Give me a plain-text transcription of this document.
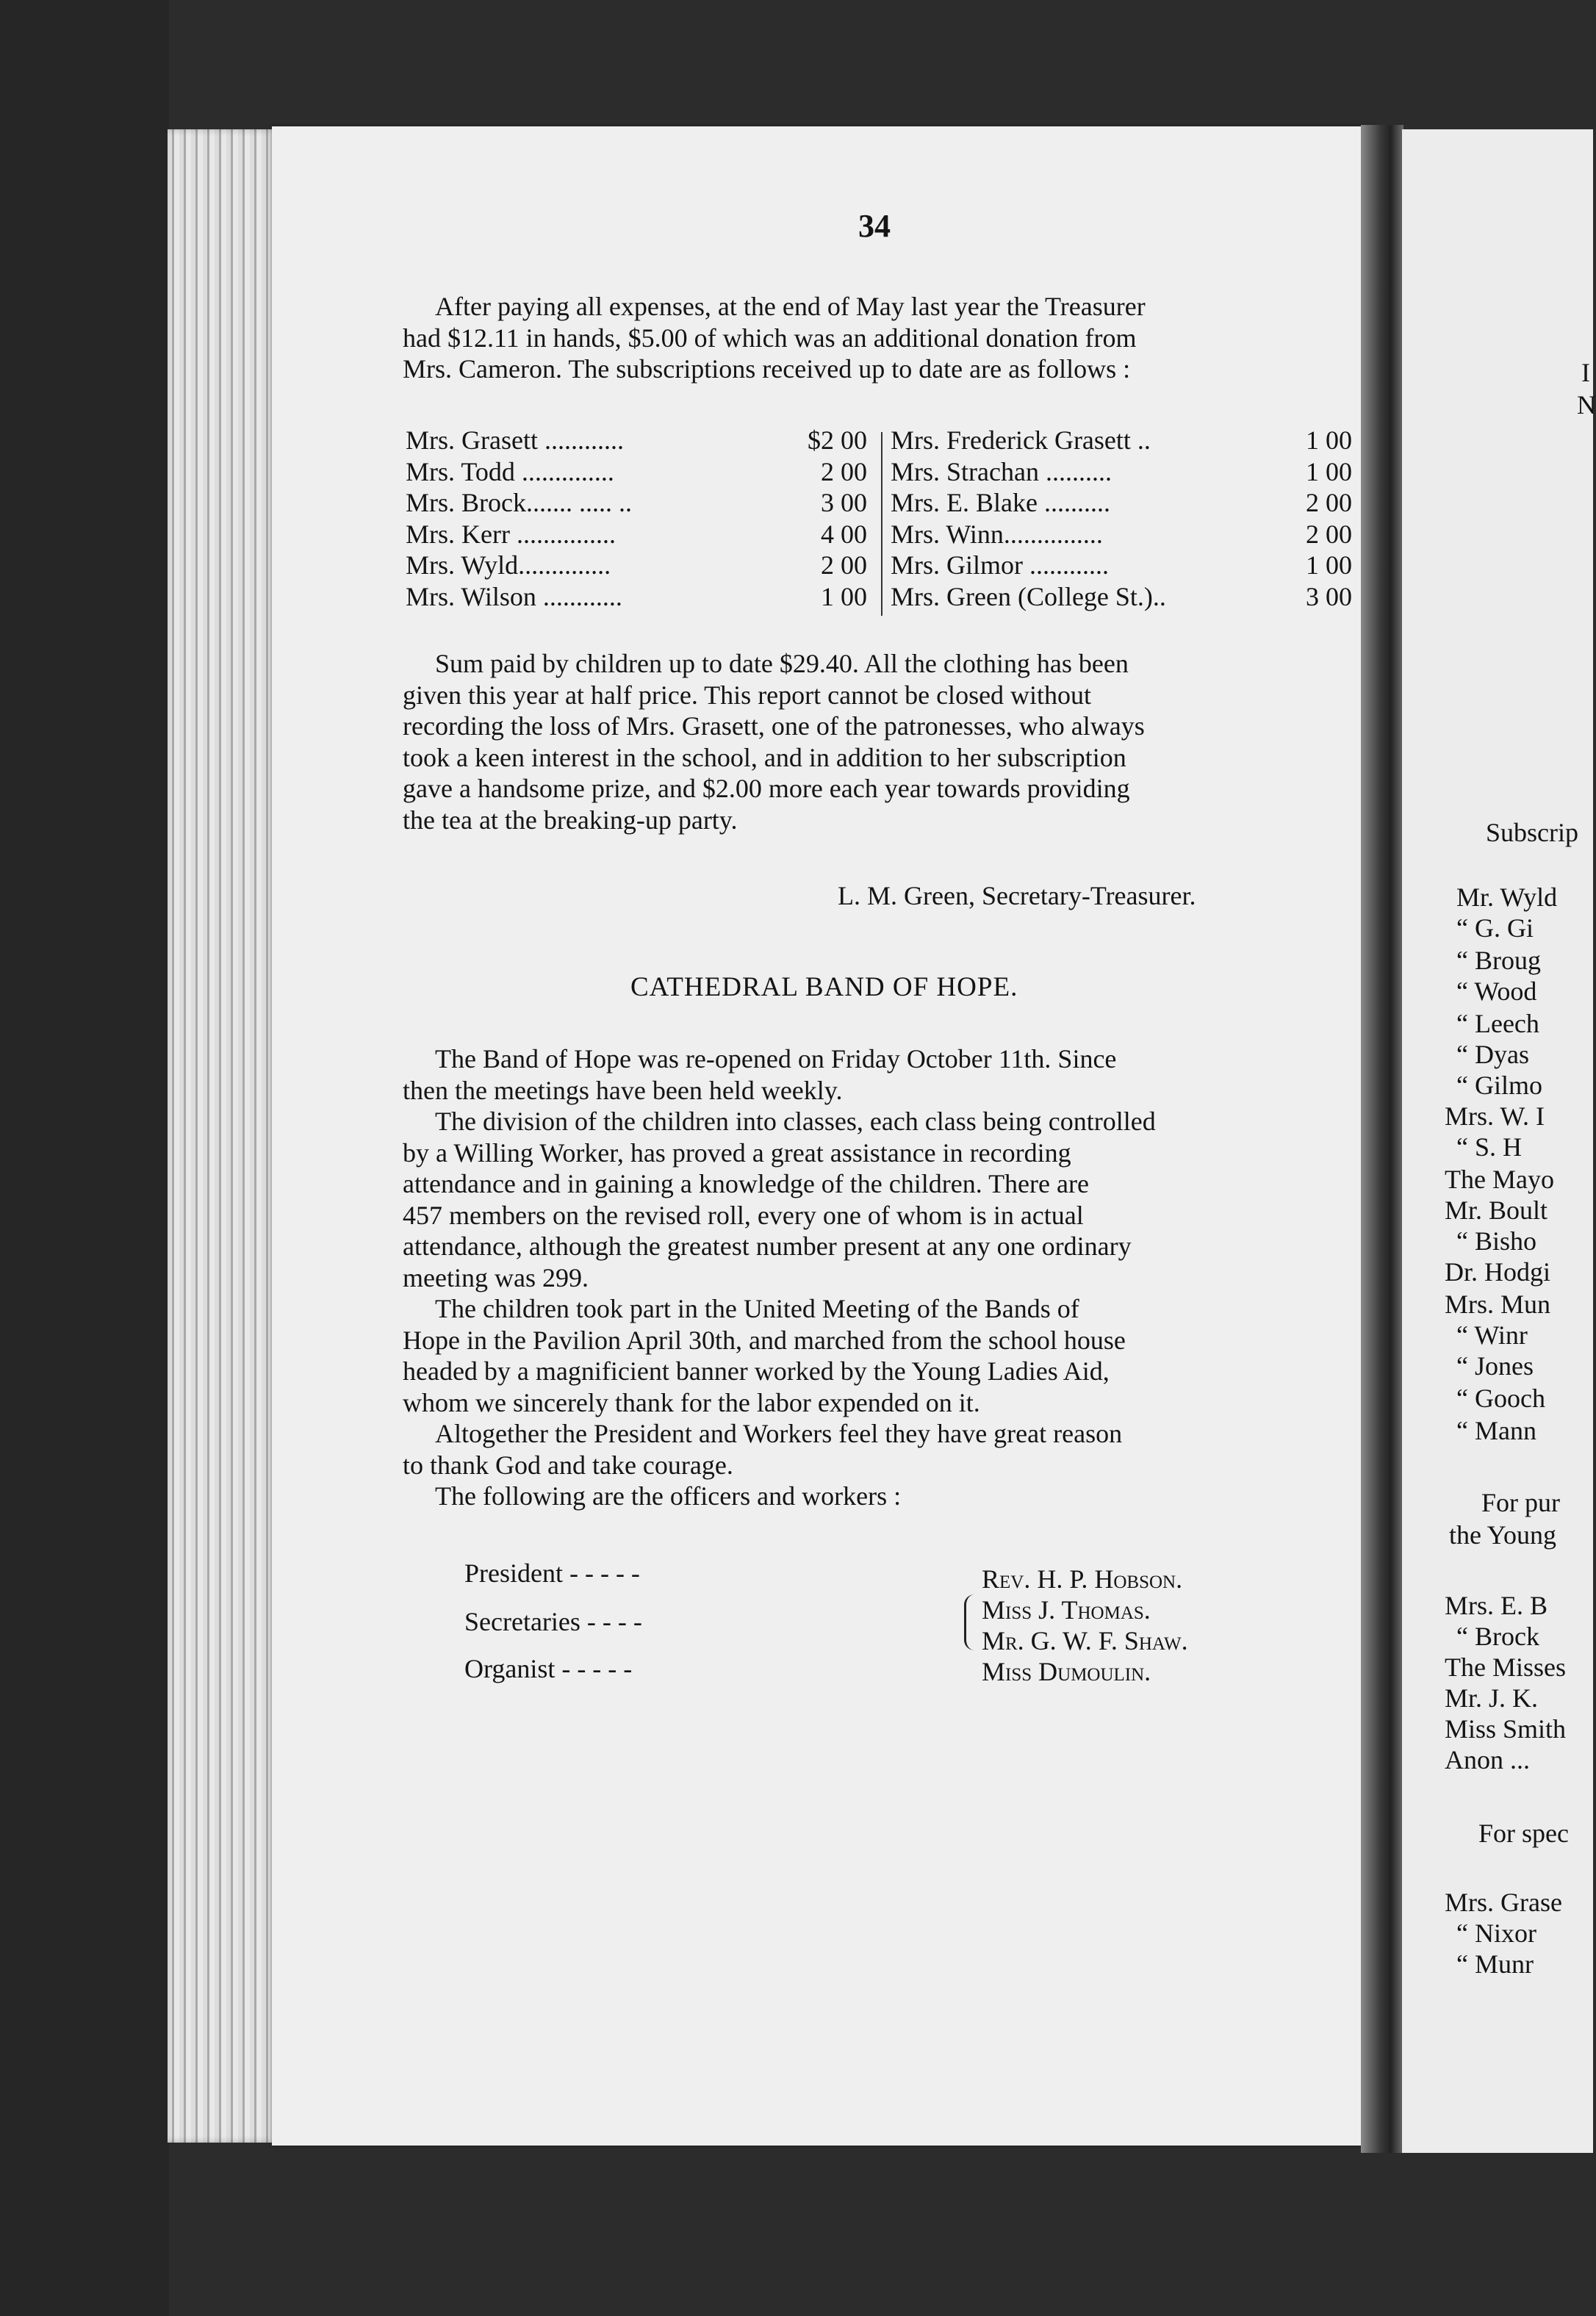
34
After paying all expenses, at the end of May last year the Treasurer
had $12.11 in hands, $5.00 of which was an additional donation from
Mrs. Cameron. The subscriptions received up to date are as follows :
Mrs. Grasett ............	$2 00
Mrs. Todd ..............	2 00
Mrs. Brock....... ..... ..	3 00
Mrs. Kerr ...............	4 00
Mrs. Wyld..............	2 00
Mrs. Wilson ............	1 00
Mrs. Frederick Grasett ..	1 00
Mrs. Strachan ..........	1 00
Mrs. E. Blake ..........	2 00
Mrs. Winn...............	2 00
Mrs. Gilmor ............	1 00
Mrs. Green (College St.)..	3 00
Sum paid by children up to date $29.40. All the clothing has been
given this year at half price. This report cannot be closed without
recording the loss of Mrs. Grasett, one of the patronesses, who always
took a keen interest in the school, and in addition to her subscription
gave a handsome prize, and $2.00 more each year towards providing
the tea at the breaking-up party.
L. M. Green, Secretary-Treasurer.
CATHEDRAL BAND OF HOPE.
The Band of Hope was re-opened on Friday October 11th. Since
then the meetings have been held weekly.
The division of the children into classes, each class being controlled
by a Willing Worker, has proved a great assistance in recording
attendance and in gaining a knowledge of the children. There are
457 members on the revised roll, every one of whom is in actual
attendance, although the greatest number present at any one ordinary
meeting was 299.
The children took part in the United Meeting of the Bands of
Hope in the Pavilion April 30th, and marched from the school house
headed by a magnificient banner worked by the Young Ladies Aid,
whom we sincerely thank for the labor expended on it.
Altogether the President and Workers feel they have great reason
to thank God and take courage.
The following are the officers and workers :
President - - - - -	Rev. H. P. Hobson.
Secretaries - - - -	Miss J. Thomas.
Mr. G. W. F. Shaw.
Organist - - - - -	Miss Dumoulin.
I
N
Subscrip
Mr. Wyld
“ G. Gi
“ Broug
“ Wood
“ Leech
“ Dyas
“ Gilmo
Mrs. W. I
“ S. H
The Mayo
Mr. Boult
“ Bisho
Dr. Hodgi
Mrs. Mun
“ Winr
“ Jones
“ Gooch
“ Mann
For pur
the Young
Mrs. E. B
“ Brock
The Misses
Mr. J. K.
Miss Smith
Anon ...
For spec
Mrs. Grase
“ Nixor
“ Munr
